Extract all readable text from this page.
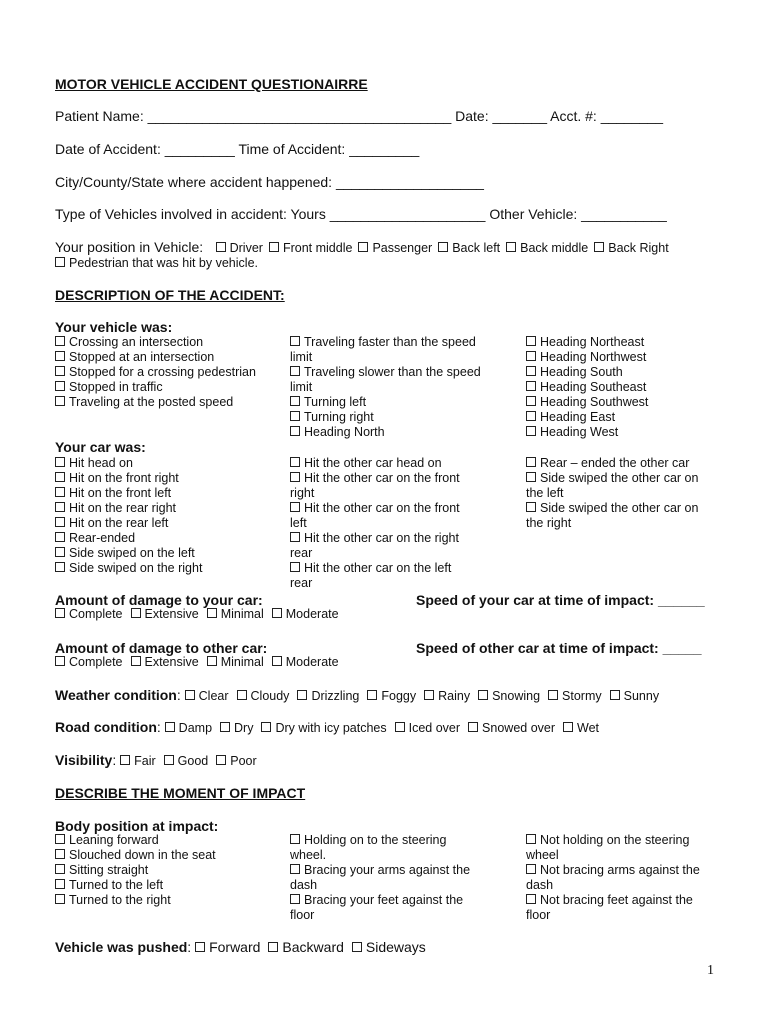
MOTOR VEHICLE ACCIDENT QUESTIONAIRRE
Patient Name: _______________________________________ Date: _______ Acct. #: ________
Date of Accident: _________ Time of Accident: _________
City/County/State where accident happened: ___________________
Type of Vehicles involved in accident: Yours ____________________ Other Vehicle: ___________
Your position in Vehicle: Driver Front middle Passenger Back left Back middle Back Right
Pedestrian that was hit by vehicle.
DESCRIPTION OF THE ACCIDENT:
Your vehicle was:
Crossing an intersection
Stopped at an intersection
Stopped for a crossing pedestrian
Stopped in traffic
Traveling at the posted speed
Traveling faster than the speed limit
Traveling slower than the speed limit
Turning left
Turning right
Heading North
Heading Northeast
Heading Northwest
Heading South
Heading Southeast
Heading Southwest
Heading East
Heading West
Your car was:
Hit head on
Hit on the front right
Hit on the front left
Hit on the rear right
Hit on the rear left
Rear-ended
Side swiped on the left
Side swiped on the right
Hit the other car head on
Hit the other car on the front right
Hit the other car on the front left
Hit the other car on the right rear
Hit the other car on the left rear
Rear – ended the other car
Side swiped the other car on the left
Side swiped the other car on the right
Amount of damage to your car:	Speed of your car at time of impact: ______
Complete Extensive Minimal Moderate
Amount of damage to other car:	Speed of other car at time of impact: _____
Complete Extensive Minimal Moderate
Weather condition: Clear Cloudy Drizzling Foggy Rainy Snowing Stormy Sunny
Road condition: Damp Dry Dry with icy patches Iced over Snowed over Wet
Visibility: Fair Good Poor
DESCRIBE THE MOMENT OF IMPACT
Body position at impact:
Leaning forward
Slouched down in the seat
Sitting straight
Turned to the left
Turned to the right
Holding on to the steering wheel.
Bracing your arms against the dash
Bracing your feet against the floor
Not holding on the steering wheel
Not bracing arms against the dash
Not bracing feet against the floor
Vehicle was pushed: Forward Backward Sideways
1
